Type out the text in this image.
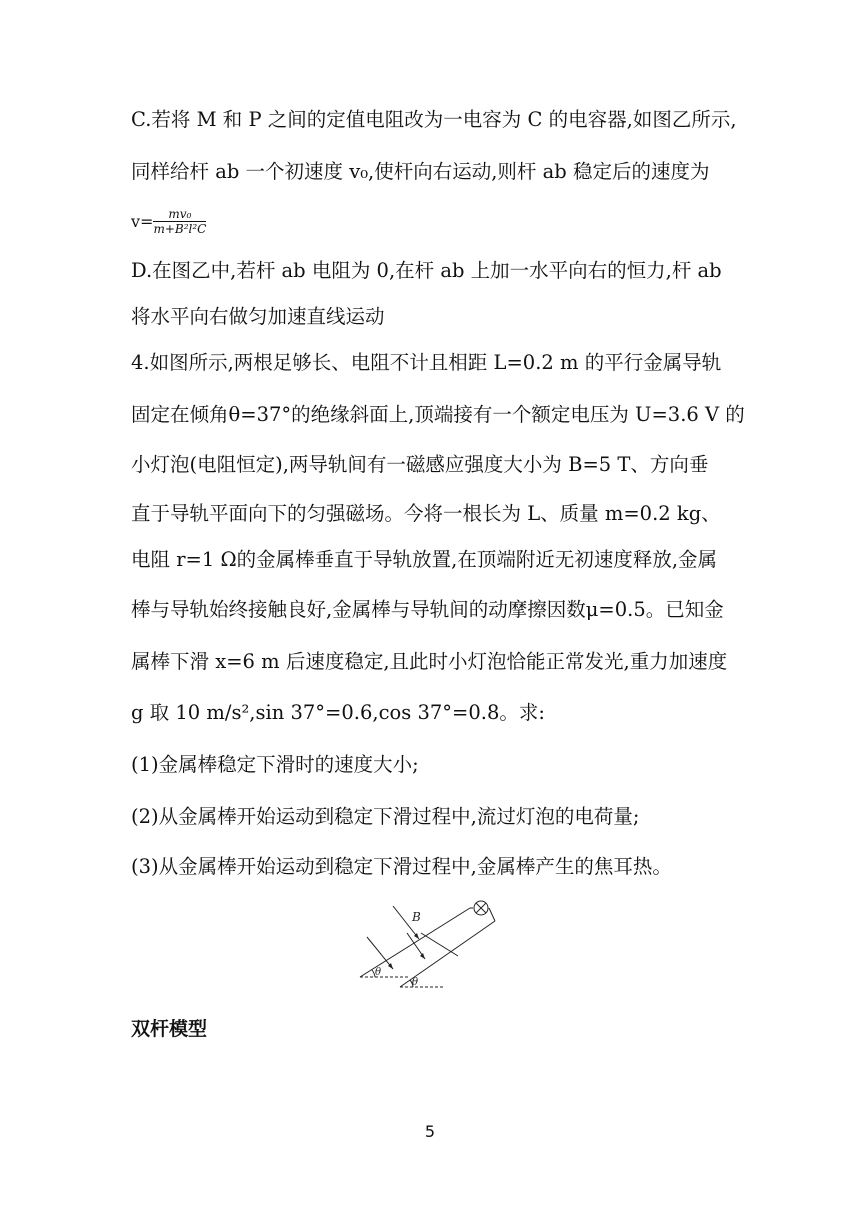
C.若将 M 和 P 之间的定值电阻改为一电容为 C 的电容器,如图乙所示,
同样给杆 ab 一个初速度 v₀,使杆向右运动,则杆 ab 稳定后的速度为
$v= \frac{\text{mv₀}}{\text{m+B²l²C}}$
D.在图乙中,若杆 ab 电阻为 0,在杆 ab 上加一水平向右的恒力,杆 ab
将水平向右做匀加速直线运动
4.如图所示,两根足够长、电阻不计且相距 L=0.2 m 的平行金属导轨
固定在倾角θ=37°的绝缘斜面上,顶端接有一个额定电压为 U=3.6 V 的
小灯泡(电阻恒定),两导轨间有一磁感应强度大小为 B=5 T、方向垂
直于导轨平面向下的匀强磁场。今将一根长为 L、质量 m=0.2 kg、
电阻 r=1 Ω的金属棒垂直于导轨放置,在顶端附近无初速度释放,金属
棒与导轨始终接触良好,金属棒与导轨间的动摩擦因数μ=0.5。已知金
属棒下滑 x=6 m 后速度稳定,且此时小灯泡恰能正常发光,重力加速度
g 取 10 m/s²,sin 37°=0.6,cos 37°=0.8。求:
(1)金属棒稳定下滑时的速度大小;
(2)从金属棒开始运动到稳定下滑过程中,流过灯泡的电荷量;
(3)从金属棒开始运动到稳定下滑过程中,金属棒产生的焦耳热。
B
θ
θ
双杆模型
5
